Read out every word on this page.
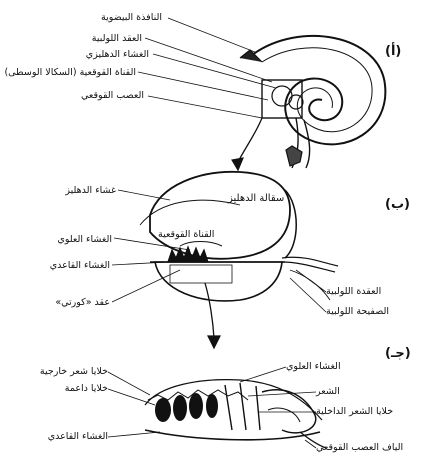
(أ)
(ب)
(جـ)
النافذة البيضوية
العقد اللولبية
الغشاء الدهليزي
القناة القوقعية (السكالا الوسطى)
العصب القوقعي
غشاء الدهليز
سقالة الدهليز
القناة القوقعية
الغشاء العلوي
الغشاء القاعدي
عقد «كورتي»
العقدة اللولبية
الصفيحة اللولبية
الغشاء العلوي
خلايا شعر خارجية
خلايا داعمة	الشعر
خلايا الشعر الداخلية
الغشاء القاعدي
الياف العصب القوقعي
